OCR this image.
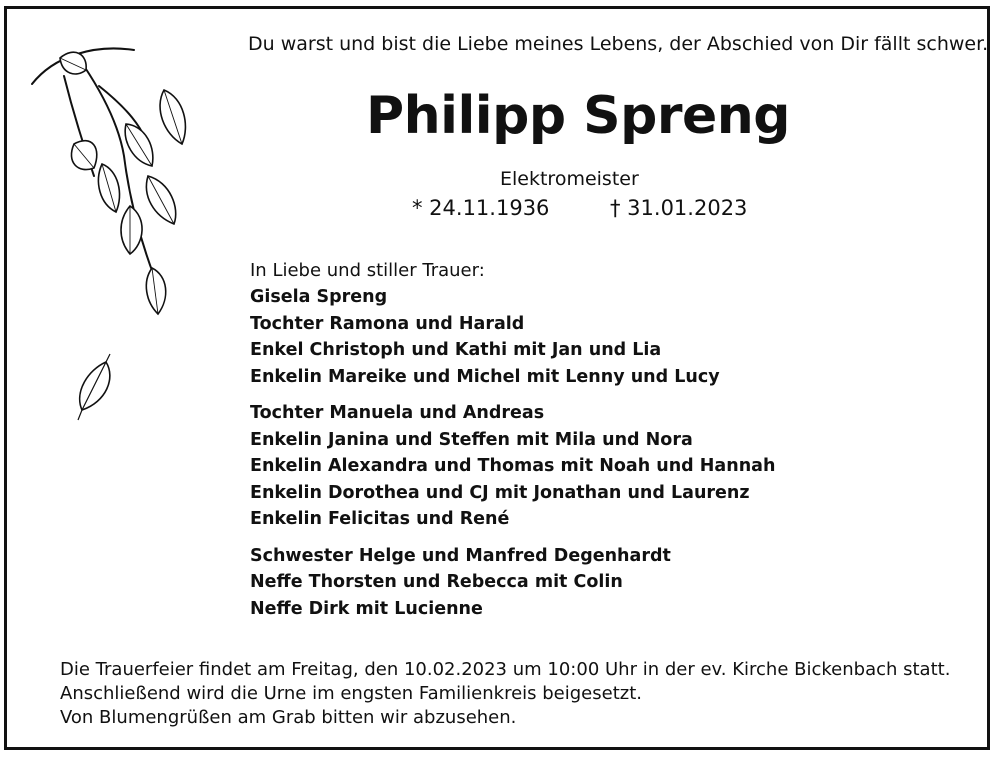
Du warst und bist die Liebe meines Lebens, der Abschied von Dir fällt schwer.
Philipp Spreng
Elektromeister
* 24.11.1936	† 31.01.2023
In Liebe und stiller Trauer:
Gisela Spreng
Tochter Ramona und Harald
Enkel Christoph und Kathi mit Jan und Lia
Enkelin Mareike und Michel mit Lenny und Lucy
Tochter Manuela und Andreas
Enkelin Janina und Steffen mit Mila und Nora
Enkelin Alexandra und Thomas mit Noah und Hannah
Enkelin Dorothea und CJ mit Jonathan und Laurenz
Enkelin Felicitas und René
Schwester Helge und Manfred Degenhardt
Neffe Thorsten und Rebecca mit Colin
Neffe Dirk mit Lucienne
Die Trauerfeier findet am Freitag, den 10.02.2023 um 10:00 Uhr in der ev. Kirche Bickenbach statt.
Anschließend wird die Urne im engsten Familienkreis beigesetzt.
Von Blumengrüßen am Grab bitten wir abzusehen.
